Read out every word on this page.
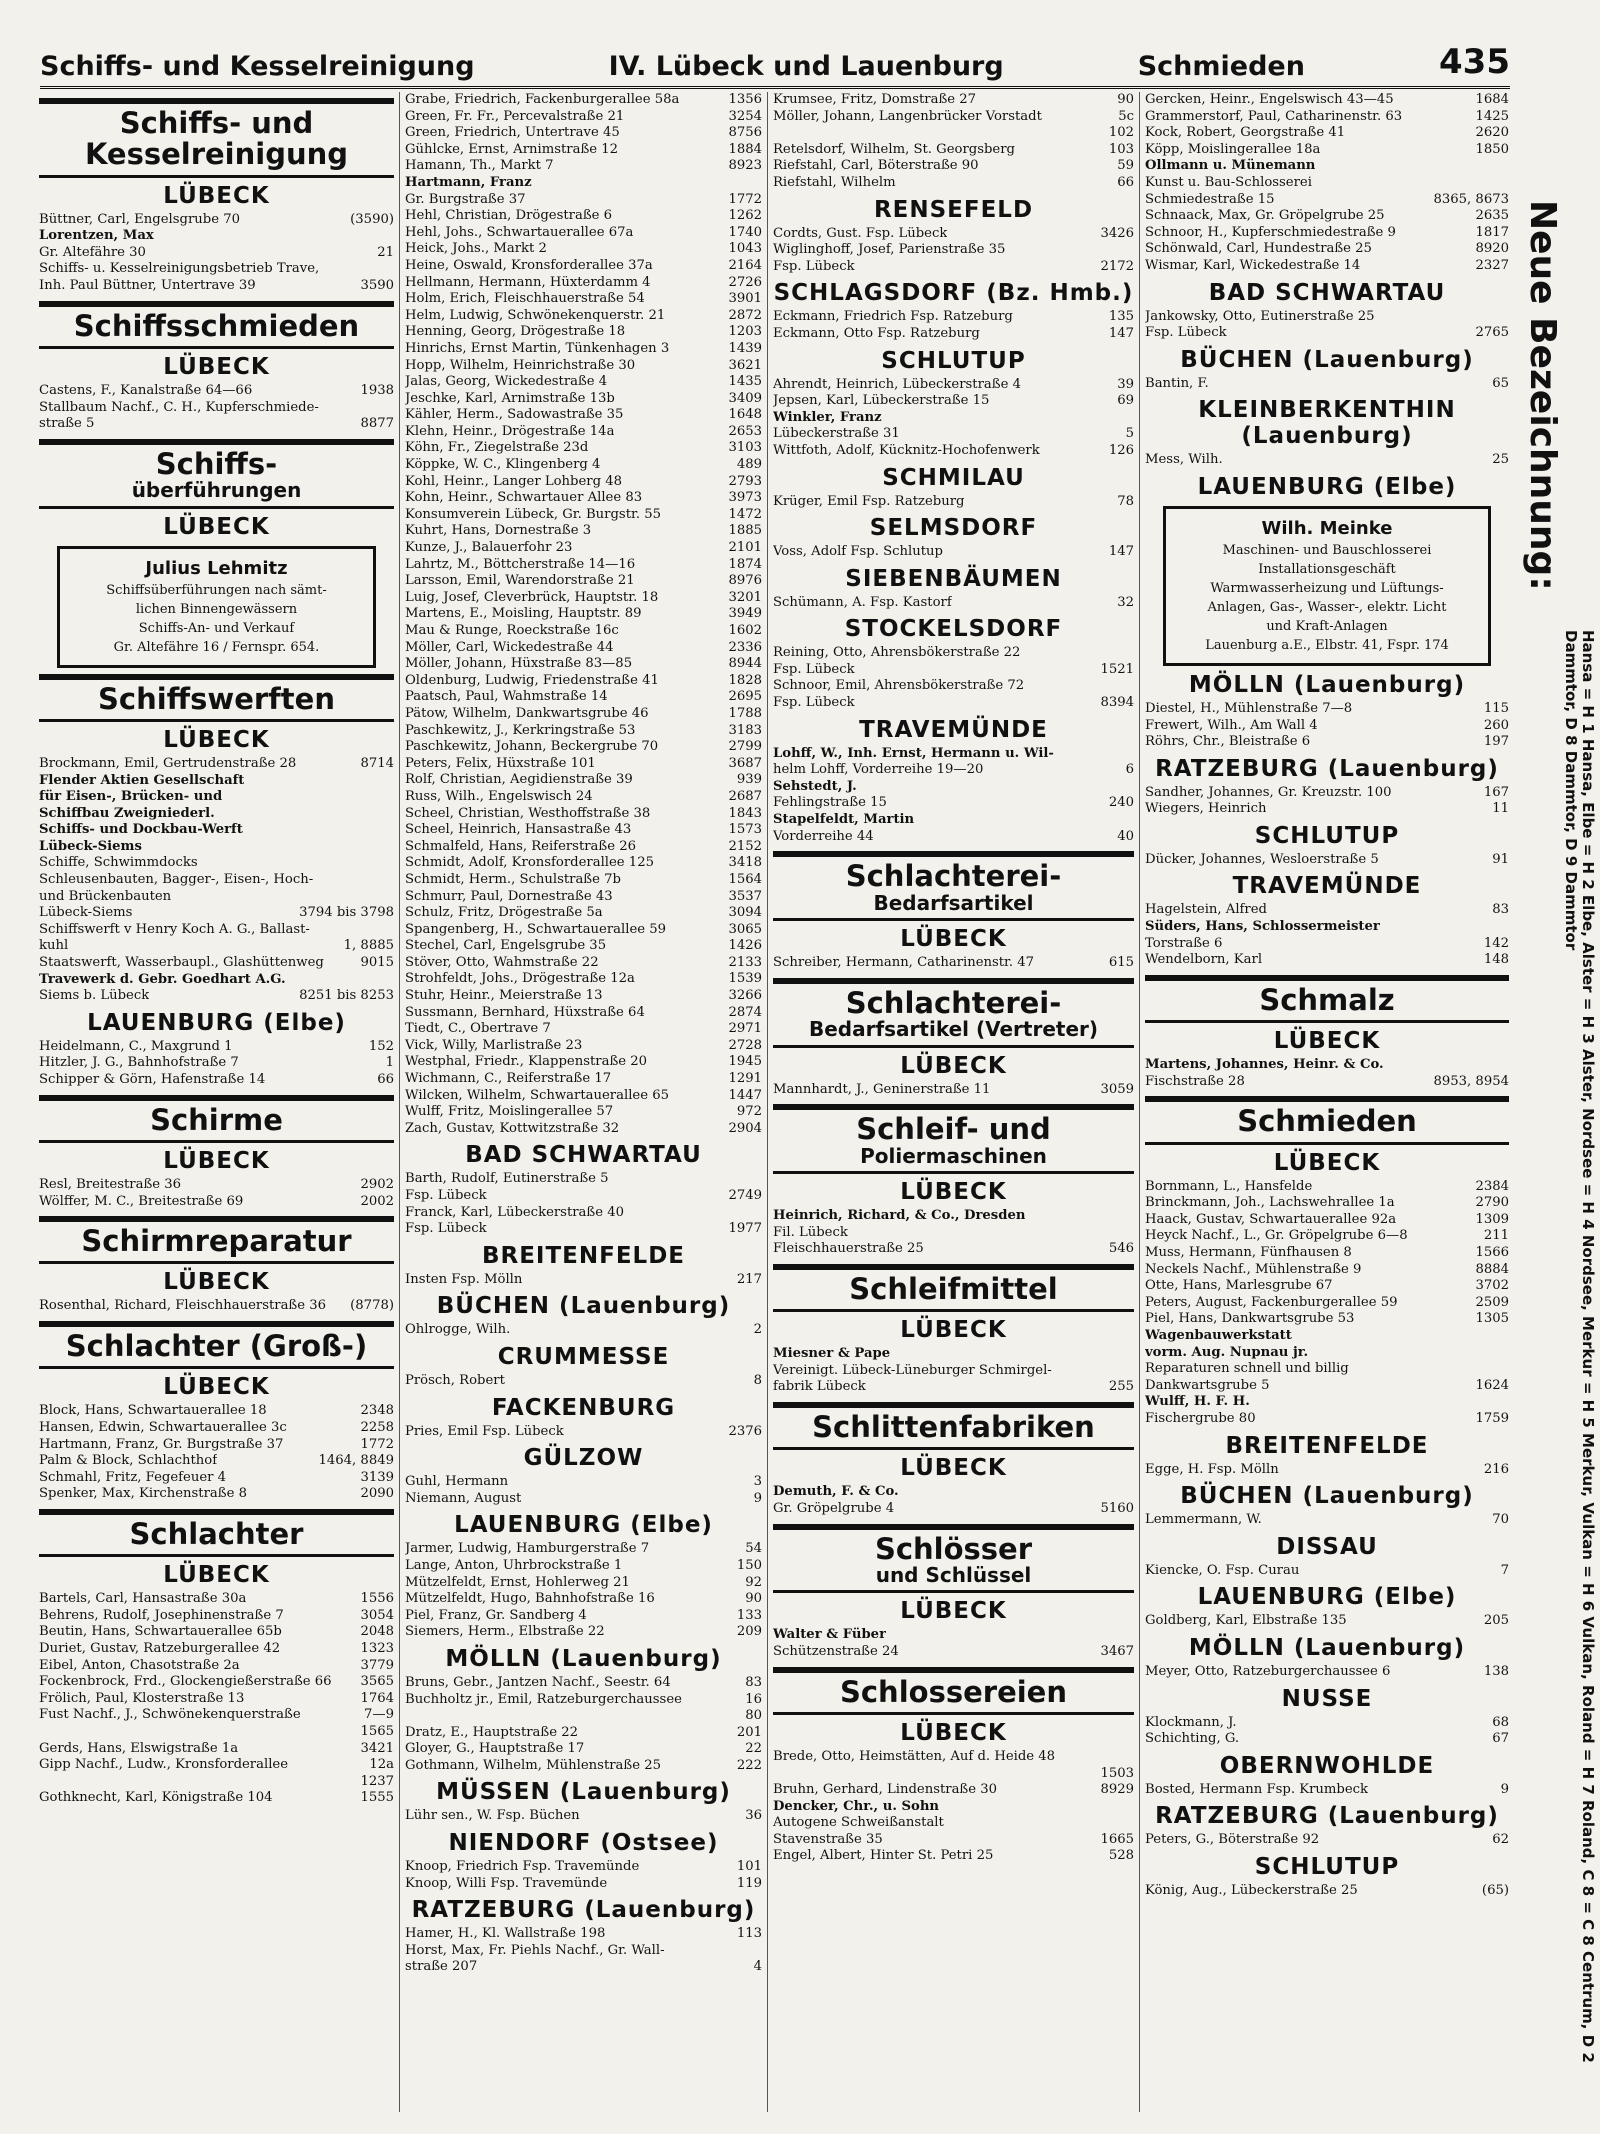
Schiffs- und Kesselreinigung	IV. Lübeck und Lauenburg	Schmieden	435
Schiffs- und Kesselreinigung
LÜBECK
Büttner, Carl, Engelsgrube 70	(3590)
Lorentzen, Max
Gr. Altefähre 30	21
Schiffs- u. Kesselreinigungsbetrieb Trave,
Inh. Paul Büttner, Untertrave 39	3590
Schiffsschmieden
LÜBECK
Castens, F., Kanalstraße 64—66	1938
Stallbaum Nachf., C. H., Kupferschmiede-
straße 5	8877
Schiffs-
überführungen
LÜBECK
Julius Lehmitz
Schiffsüberführungen nach sämt-
lichen Binnengewässern
Schiffs-An- und Verkauf
Gr. Altefähre 16 / Fernspr. 654.
Schiffswerften
LÜBECK
Brockmann, Emil, Gertrudenstraße 28	8714
Flender Aktien Gesellschaft
für Eisen-, Brücken- und
Schiffbau Zweigniederl.
Schiffs- und Dockbau-Werft
Lübeck-Siems
Schiffe, Schwimmdocks
Schleusenbauten, Bagger-, Eisen-, Hoch-
und Brückenbauten
Lübeck-Siems	3794 bis 3798
Schiffswerft v Henry Koch A. G., Ballast-
kuhl	1, 8885
Staatswerft, Wasserbaupl., Glashüttenweg	9015
Travewerk d. Gebr. Goedhart A.G.
Siems b. Lübeck	8251 bis 8253
LAUENBURG (Elbe)
Heidelmann, C., Maxgrund 1	152
Hitzler, J. G., Bahnhofstraße 7	1
Schipper & Görn, Hafenstraße 14	66
Schirme
LÜBECK
Resl, Breitestraße 36	2902
Wölffer, M. C., Breitestraße 69	2002
Schirmreparatur
LÜBECK
Rosenthal, Richard, Fleischhauerstraße 36	(8778)
Schlachter (Groß-)
LÜBECK
Block, Hans, Schwartauerallee 18	2348
Hansen, Edwin, Schwartauerallee 3c	2258
Hartmann, Franz, Gr. Burgstraße 37	1772
Palm & Block, Schlachthof	1464, 8849
Schmahl, Fritz, Fegefeuer 4	3139
Spenker, Max, Kirchenstraße 8	2090
Schlachter
LÜBECK
Bartels, Carl, Hansastraße 30a	1556
Behrens, Rudolf, Josephinenstraße 7	3054
Beutin, Hans, Schwartauerallee 65b	2048
Duriet, Gustav, Ratzeburgerallee 42	1323
Eibel, Anton, Chasotstraße 2a	3779
Fockenbrock, Frd., Glockengießerstraße 66	3565
Frölich, Paul, Klosterstraße 13	1764
Fust Nachf., J., Schwönekenquerstraße	7—9
1565
Gerds, Hans, Elswigstraße 1a	3421
Gipp Nachf., Ludw., Kronsforderallee	12a
1237
Gothknecht, Karl, Königstraße 104	1555
Grabe, Friedrich, Fackenburgerallee 58a	1356
Green, Fr. Fr., Percevalstraße 21	3254
Green, Friedrich, Untertrave 45	8756
Gühlcke, Ernst, Arnimstraße 12	1884
Hamann, Th., Markt 7	8923
Hartmann, Franz
Gr. Burgstraße 37	1772
Hehl, Christian, Drögestraße 6	1262
Hehl, Johs., Schwartauerallee 67a	1740
Heick, Johs., Markt 2	1043
Heine, Oswald, Kronsforderallee 37a	2164
Hellmann, Hermann, Hüxterdamm 4	2726
Holm, Erich, Fleischhauerstraße 54	3901
Helm, Ludwig, Schwönekenquerstr. 21	2872
Henning, Georg, Drögestraße 18	1203
Hinrichs, Ernst Martin, Tünkenhagen 3	1439
Hopp, Wilhelm, Heinrichstraße 30	3621
Jalas, Georg, Wickedestraße 4	1435
Jeschke, Karl, Arnimstraße 13b	3409
Kähler, Herm., Sadowastraße 35	1648
Klehn, Heinr., Drögestraße 14a	2653
Köhn, Fr., Ziegelstraße 23d	3103
Köppke, W. C., Klingenberg 4	489
Kohl, Heinr., Langer Lohberg 48	2793
Kohn, Heinr., Schwartauer Allee 83	3973
Konsumverein Lübeck, Gr. Burgstr. 55	1472
Kuhrt, Hans, Dornestraße 3	1885
Kunze, J., Balauerfohr 23	2101
Lahrtz, M., Böttcherstraße 14—16	1874
Larsson, Emil, Warendorstraße 21	8976
Luig, Josef, Cleverbrück, Hauptstr. 18	3201
Martens, E., Moisling, Hauptstr. 89	3949
Mau & Runge, Roeckstraße 16c	1602
Möller, Carl, Wickedestraße 44	2336
Möller, Johann, Hüxstraße 83—85	8944
Oldenburg, Ludwig, Friedenstraße 41	1828
Paatsch, Paul, Wahmstraße 14	2695
Pätow, Wilhelm, Dankwartsgrube 46	1788
Paschkewitz, J., Kerkringstraße 53	3183
Paschkewitz, Johann, Beckergrube 70	2799
Peters, Felix, Hüxstraße 101	3687
Rolf, Christian, Aegidienstraße 39	939
Russ, Wilh., Engelswisch 24	2687
Scheel, Christian, Westhoffstraße 38	1843
Scheel, Heinrich, Hansastraße 43	1573
Schmalfeld, Hans, Reiferstraße 26	2152
Schmidt, Adolf, Kronsforderallee 125	3418
Schmidt, Herm., Schulstraße 7b	1564
Schmurr, Paul, Dornestraße 43	3537
Schulz, Fritz, Drögestraße 5a	3094
Spangenberg, H., Schwartauerallee 59	3065
Stechel, Carl, Engelsgrube 35	1426
Stöver, Otto, Wahmstraße 22	2133
Strohfeldt, Johs., Drögestraße 12a	1539
Stuhr, Heinr., Meierstraße 13	3266
Sussmann, Bernhard, Hüxstraße 64	2874
Tiedt, C., Obertrave 7	2971
Vick, Willy, Marlistraße 23	2728
Westphal, Friedr., Klappenstraße 20	1945
Wichmann, C., Reiferstraße 17	1291
Wilcken, Wilhelm, Schwartauerallee 65	1447
Wulff, Fritz, Moislingerallee 57	972
Zach, Gustav, Kottwitzstraße 32	2904
BAD SCHWARTAU
Barth, Rudolf, Eutinerstraße 5
Fsp. Lübeck	2749
Franck, Karl, Lübeckerstraße 40
Fsp. Lübeck	1977
BREITENFELDE
Insten Fsp. Mölln	217
BÜCHEN (Lauenburg)
Ohlrogge, Wilh.	2
CRUMMESSE
Prösch, Robert	8
FACKENBURG
Pries, Emil Fsp. Lübeck	2376
GÜLZOW
Guhl, Hermann	3
Niemann, August	9
LAUENBURG (Elbe)
Jarmer, Ludwig, Hamburgerstraße 7	54
Lange, Anton, Uhrbrockstraße 1	150
Mützelfeldt, Ernst, Hohlerweg 21	92
Mützelfeldt, Hugo, Bahnhofstraße 16	90
Piel, Franz, Gr. Sandberg 4	133
Siemers, Herm., Elbstraße 22	209
MÖLLN (Lauenburg)
Bruns, Gebr., Jantzen Nachf., Seestr. 64	83
Buchholtz jr., Emil, Ratzeburgerchaussee	16
80
Dratz, E., Hauptstraße 22	201
Gloyer, G., Hauptstraße 17	22
Gothmann, Wilhelm, Mühlenstraße 25	222
MÜSSEN (Lauenburg)
Lühr sen., W. Fsp. Büchen	36
NIENDORF (Ostsee)
Knoop, Friedrich Fsp. Travemünde	101
Knoop, Willi Fsp. Travemünde	119
RATZEBURG (Lauenburg)
Hamer, H., Kl. Wallstraße 198	113
Horst, Max, Fr. Piehls Nachf., Gr. Wall-
straße 207	4
Krumsee, Fritz, Domstraße 27	90
Möller, Johann, Langenbrücker Vorstadt	5c
102
Retelsdorf, Wilhelm, St. Georgsberg	103
Riefstahl, Carl, Böterstraße 90	59
Riefstahl, Wilhelm	66
RENSEFELD
Cordts, Gust. Fsp. Lübeck	3426
Wiglinghoff, Josef, Parienstraße 35
Fsp. Lübeck	2172
SCHLAGSDORF (Bz. Hmb.)
Eckmann, Friedrich Fsp. Ratzeburg	135
Eckmann, Otto Fsp. Ratzeburg	147
SCHLUTUP
Ahrendt, Heinrich, Lübeckerstraße 4	39
Jepsen, Karl, Lübeckerstraße 15	69
Winkler, Franz
Lübeckerstraße 31	5
Wittfoth, Adolf, Kücknitz-Hochofenwerk	126
SCHMILAU
Krüger, Emil Fsp. Ratzeburg	78
SELMSDORF
Voss, Adolf Fsp. Schlutup	147
SIEBENBÄUMEN
Schümann, A. Fsp. Kastorf	32
STOCKELSDORF
Reining, Otto, Ahrensbökerstraße 22
Fsp. Lübeck	1521
Schnoor, Emil, Ahrensbökerstraße 72
Fsp. Lübeck	8394
TRAVEMÜNDE
Lohff, W., Inh. Ernst, Hermann u. Wil-
helm Lohff, Vorderreihe 19—20	6
Sehstedt, J.
Fehlingstraße 15	240
Stapelfeldt, Martin
Vorderreihe 44	40
Schlachterei-
Bedarfsartikel
LÜBECK
Schreiber, Hermann, Catharinenstr. 47	615
Schlachterei-
Bedarfsartikel (Vertreter)
LÜBECK
Mannhardt, J., Geninerstraße 11	3059
Schleif- und
Poliermaschinen
LÜBECK
Heinrich, Richard, & Co., Dresden
Fil. Lübeck
Fleischhauerstraße 25	546
Schleifmittel
LÜBECK
Miesner & Pape
Vereinigt. Lübeck-Lüneburger Schmirgel-
fabrik Lübeck	255
Schlittenfabriken
LÜBECK
Demuth, F. & Co.
Gr. Gröpelgrube 4	5160
Schlösser
und Schlüssel
LÜBECK
Walter & Füber
Schützenstraße 24	3467
Schlossereien
LÜBECK
Brede, Otto, Heimstätten, Auf d. Heide 48
1503
Bruhn, Gerhard, Lindenstraße 30	8929
Dencker, Chr., u. Sohn
Autogene Schweißanstalt
Stavenstraße 35	1665
Engel, Albert, Hinter St. Petri 25	528
Gercken, Heinr., Engelswisch 43—45	1684
Grammerstorf, Paul, Catharinenstr. 63	1425
Kock, Robert, Georgstraße 41	2620
Köpp, Moislingerallee 18a	1850
Ollmann u. Münemann
Kunst u. Bau-Schlosserei
Schmiedestraße 15	8365, 8673
Schnaack, Max, Gr. Gröpelgrube 25	2635
Schnoor, H., Kupferschmiedestraße 9	1817
Schönwald, Carl, Hundestraße 25	8920
Wismar, Karl, Wickedestraße 14	2327
BAD SCHWARTAU
Jankowsky, Otto, Eutinerstraße 25
Fsp. Lübeck	2765
BÜCHEN (Lauenburg)
Bantin, F.	65
KLEINBERKENTHIN (Lauenburg)
Mess, Wilh.	25
LAUENBURG (Elbe)
Wilh. Meinke
Maschinen- und Bauschlosserei
Installationsgeschäft
Warmwasserheizung und Lüftungs-
Anlagen, Gas-, Wasser-, elektr. Licht
und Kraft-Anlagen
Lauenburg a.E., Elbstr. 41, Fspr. 174
MÖLLN (Lauenburg)
Diestel, H., Mühlenstraße 7—8	115
Frewert, Wilh., Am Wall 4	260
Röhrs, Chr., Bleistraße 6	197
RATZEBURG (Lauenburg)
Sandher, Johannes, Gr. Kreuzstr. 100	167
Wiegers, Heinrich	11
SCHLUTUP
Dücker, Johannes, Wesloerstraße 5	91
TRAVEMÜNDE
Hagelstein, Alfred	83
Süders, Hans, Schlossermeister
Torstraße 6	142
Wendelborn, Karl	148
Schmalz
LÜBECK
Martens, Johannes, Heinr. & Co.
Fischstraße 28	8953, 8954
Schmieden
LÜBECK
Bornmann, L., Hansfelde	2384
Brinckmann, Joh., Lachswehrallee 1a	2790
Haack, Gustav, Schwartauerallee 92a	1309
Heyck Nachf., L., Gr. Gröpelgrube 6—8	211
Muss, Hermann, Fünfhausen 8	1566
Neckels Nachf., Mühlenstraße 9	8884
Otte, Hans, Marlesgrube 67	3702
Peters, August, Fackenburgerallee 59	2509
Piel, Hans, Dankwartsgrube 53	1305
Wagenbauwerkstatt
vorm. Aug. Nupnau jr.
Reparaturen schnell und billig
Dankwartsgrube 5	1624
Wulff, H. F. H.
Fischergrube 80	1759
BREITENFELDE
Egge, H. Fsp. Mölln	216
BÜCHEN (Lauenburg)
Lemmermann, W.	70
DISSAU
Kiencke, O. Fsp. Curau	7
LAUENBURG (Elbe)
Goldberg, Karl, Elbstraße 135	205
MÖLLN (Lauenburg)
Meyer, Otto, Ratzeburgerchaussee 6	138
NUSSE
Klockmann, J.	68
Schichting, G.	67
OBERNWOHLDE
Bosted, Hermann Fsp. Krumbeck	9
RATZEBURG (Lauenburg)
Peters, G., Böterstraße 92	62
SCHLUTUP
König, Aug., Lübeckerstraße 25	(65)
Neue Bezeichnung:
Hansa = H 1 Hansa, Elbe = H 2 Elbe, Alster = H 3 Alster, Nordsee = H 4 Nordsee, Merkur = H 5 Merkur, Vulkan = H 6 Vulkan, Roland = H 7 Roland, C 8 = C 8 Centrum, D 2 Dammtor, D 8 Dammtor, D 9 Dammtor
